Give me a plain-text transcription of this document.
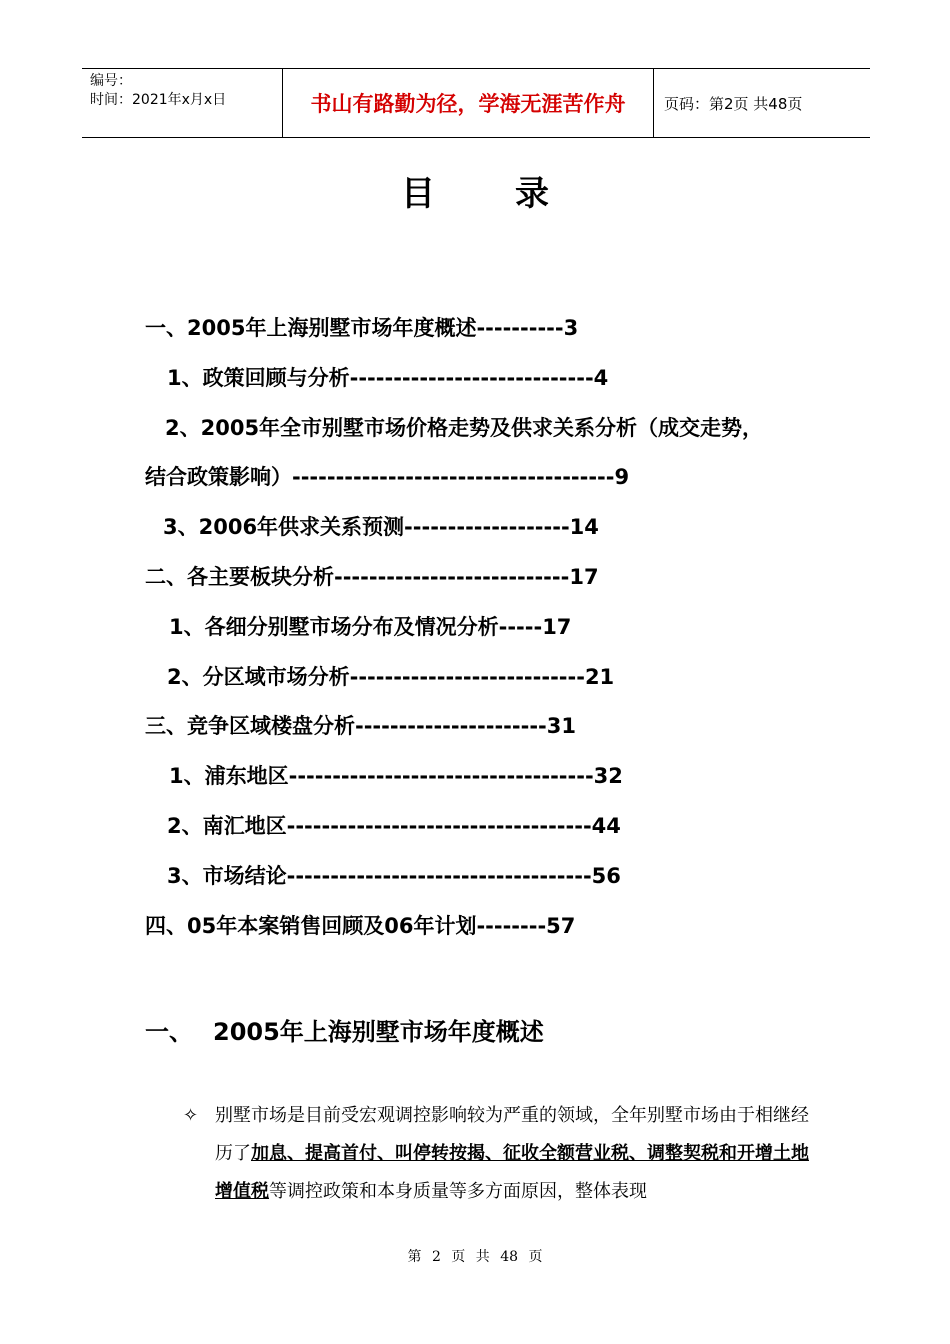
编号：
时间：2021年x月x日	书山有路勤为径，学海无涯苦作舟	页码：第2页 共48页
目录
一、2005年上海别墅市场年度概述----------3
1、政策回顾与分析----------------------------4
2、2005年全市别墅市场价格走势及供求关系分析（成交走势，
结合政策影响）-------------------------------------9
3、2006年供求关系预测-------------------14
二、各主要板块分析---------------------------17
1、各细分别墅市场分布及情况分析-----17
2、分区域市场分析---------------------------21
三、竞争区域楼盘分析----------------------31
1、浦东地区-----------------------------------32
2、南汇地区-----------------------------------44
3、市场结论-----------------------------------56
四、05年本案销售回顾及06年计划--------57
一、 2005年上海别墅市场年度概述
✧ 别墅市场是目前受宏观调控影响较为严重的领域，全年别墅市场由于相继经历了加息、提高首付、叫停转按揭、征收全额营业税、调整契税和开增土地增值税等调控政策和本身质量等多方面原因，整体表现
第 2 页 共 48 页
